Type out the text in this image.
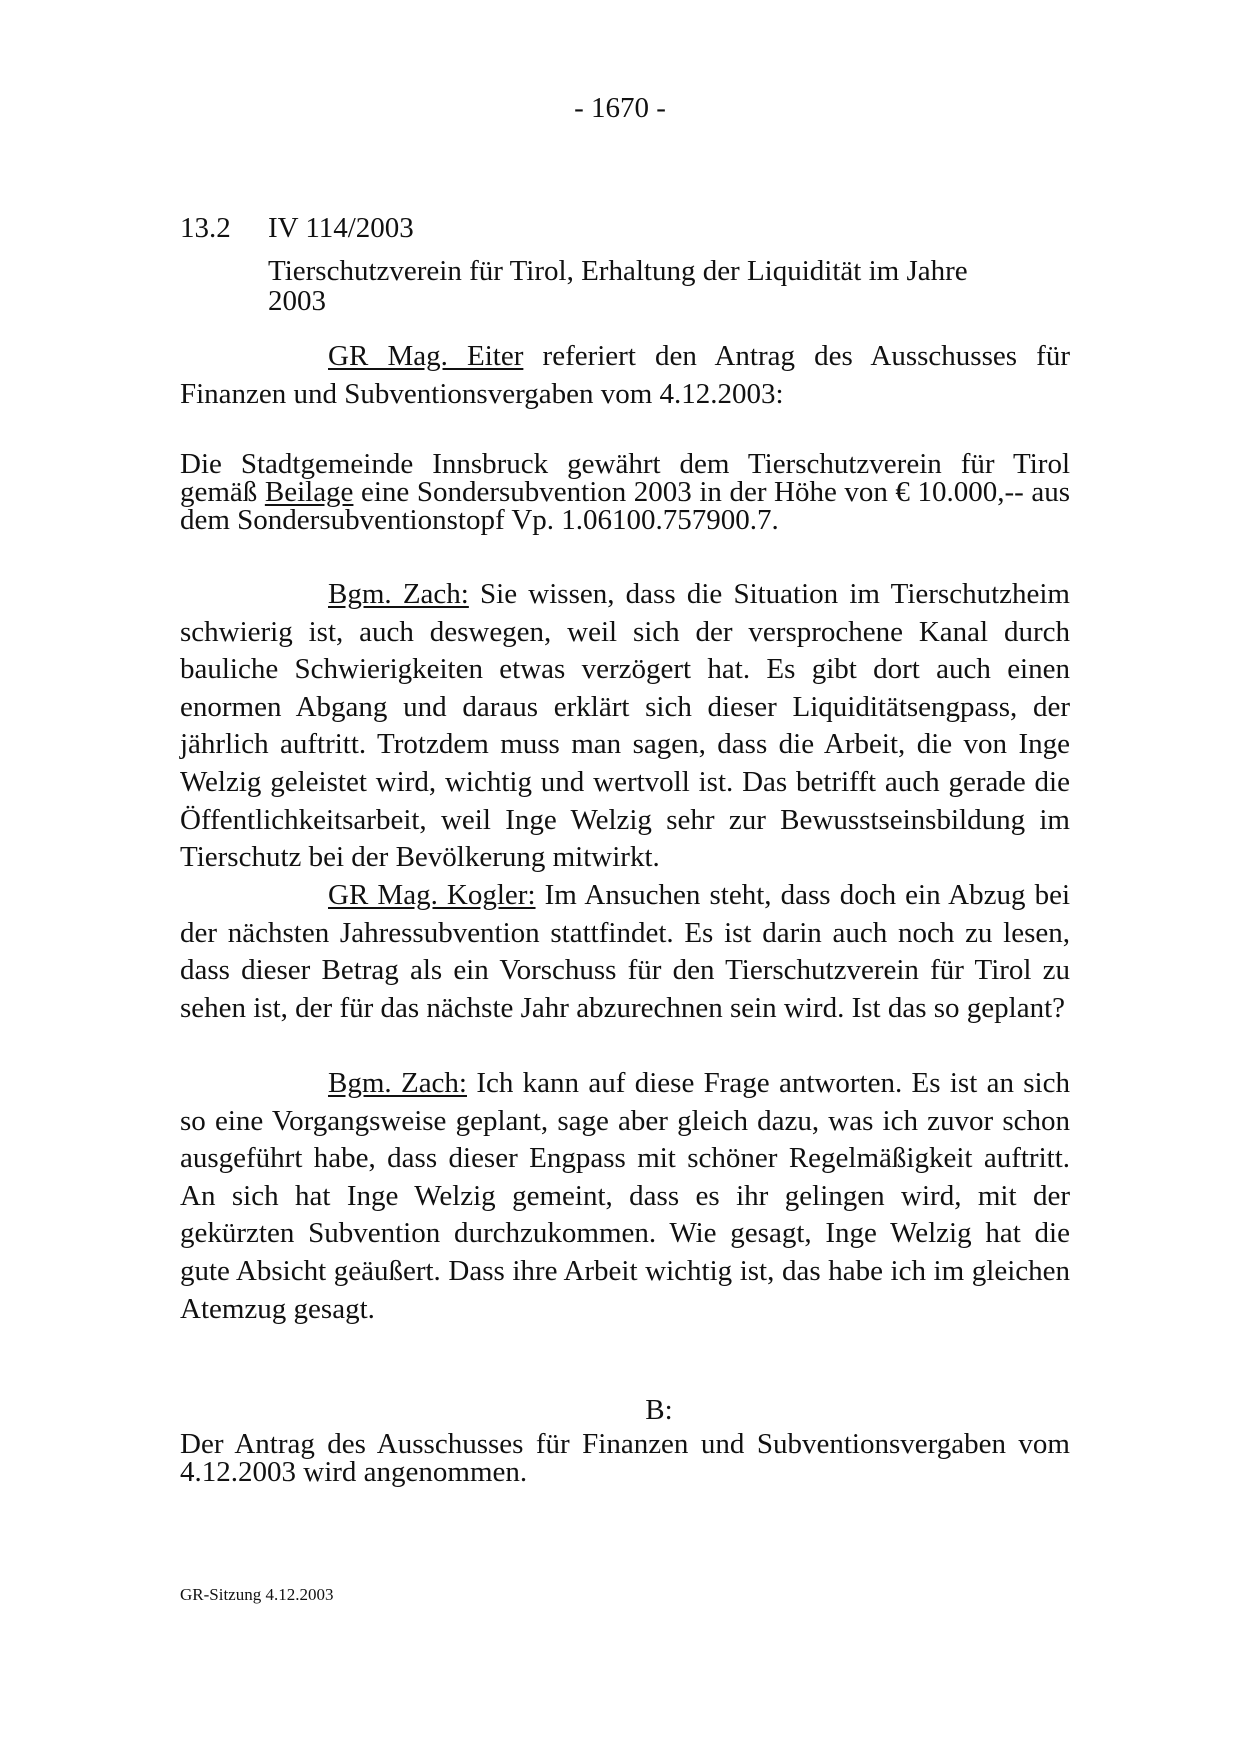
- 1670 -
13.2 IV 114/2003
Tierschutzverein für Tirol, Erhaltung der Liquidität im Jahre 2003

GR Mag. Eiter referiert den Antrag des Ausschusses für Finanzen und Subventionsvergaben vom 4.12.2003:

Die Stadtgemeinde Innsbruck gewährt dem Tierschutzverein für Tirol gemäß Beilage eine Sondersubvention 2003 in der Höhe von € 10.000,-- aus dem Sondersubventionstopf Vp. 1.06100.757900.7.

Bgm. Zach: Sie wissen, dass die Situation im Tierschutzheim schwierig ist, auch deswegen, weil sich der versprochene Kanal durch bauliche Schwierigkeiten etwas verzögert hat. Es gibt dort auch einen enormen Abgang und daraus erklärt sich dieser Liquiditätsengpass, der jährlich auftritt. Trotzdem muss man sagen, dass die Arbeit, die von Inge Welzig geleistet wird, wichtig und wertvoll ist. Das betrifft auch gerade die Öffentlichkeitsarbeit, weil Inge Welzig sehr zur Bewusstseinsbildung im Tierschutz bei der Bevölkerung mitwirkt.

GR Mag. Kogler: Im Ansuchen steht, dass doch ein Abzug bei der nächsten Jahressubvention stattfindet. Es ist darin auch noch zu lesen, dass dieser Betrag als ein Vorschuss für den Tierschutzverein für Tirol zu sehen ist, der für das nächste Jahr abzurechnen sein wird. Ist das so geplant?

Bgm. Zach: Ich kann auf diese Frage antworten. Es ist an sich so eine Vorgangsweise geplant, sage aber gleich dazu, was ich zuvor schon ausgeführt habe, dass dieser Engpass mit schöner Regelmäßigkeit auftritt. An sich hat Inge Welzig gemeint, dass es ihr gelingen wird, mit der gekürzten Subvention durchzukommen. Wie gesagt, Inge Welzig hat die gute Absicht geäußert. Dass ihre Arbeit wichtig ist, das habe ich im gleichen Atemzug gesagt.

B:

Der Antrag des Ausschusses für Finanzen und Subventionsvergaben vom 4.12.2003 wird angenommen.

GR-Sitzung 4.12.2003
